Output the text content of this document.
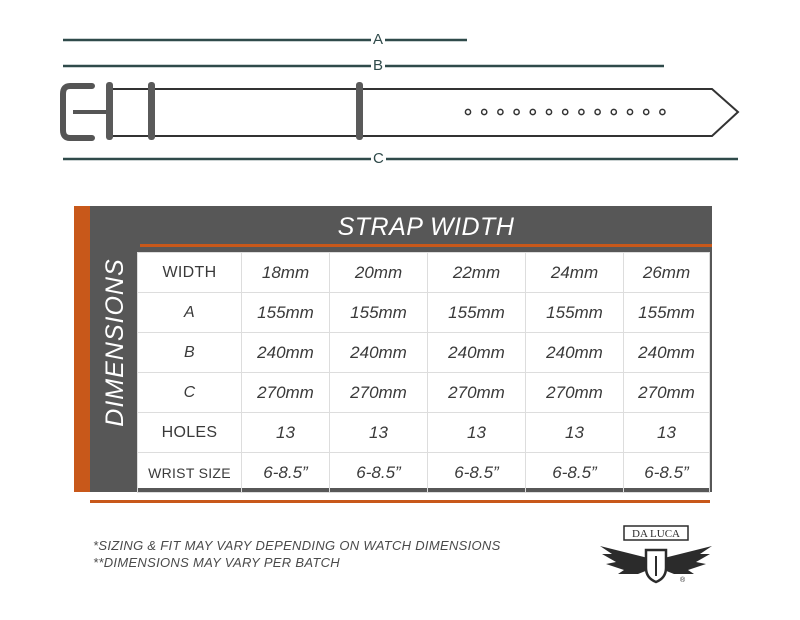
A
B
C
STRAP WIDTH
DIMENSIONS WIDTH	18mm	20mm	22mm	24mm	26mm
A	155mm	155mm	155mm	155mm	155mm
B	240mm	240mm	240mm	240mm	240mm
C	270mm	270mm	270mm	270mm	270mm
HOLES	13	13	13	13	13
WRIST SIZE	6-8.5”	6-8.5”	6-8.5”	6-8.5”	6-8.5”
*SIZING & FIT MAY VARY DEPENDING ON WATCH DIMENSIONS
**DIMENSIONS MAY VARY PER BATCH
DA LUCA
®
